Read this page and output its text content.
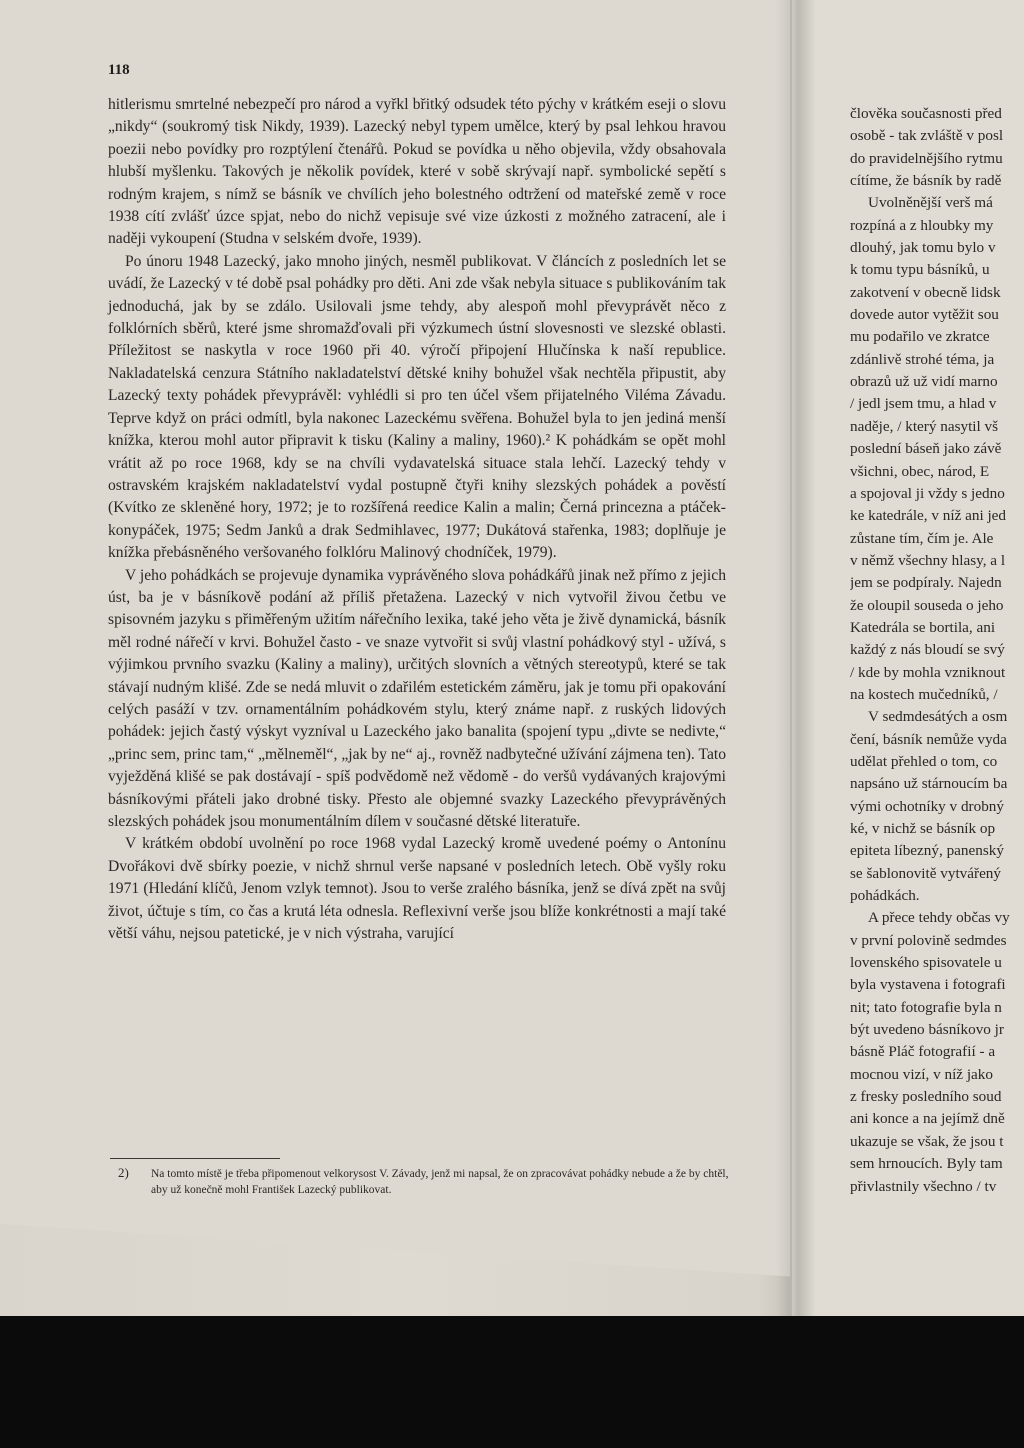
118

hitlerismu smrtelné nebezpečí pro národ a vyřkl břitký odsudek této pýchy v krátkém eseji o slovu „nikdy“ (soukromý tisk Nikdy, 1939). Lazecký nebyl typem umělce, který by psal lehkou hravou poezii nebo povídky pro rozptýlení čtenářů. Pokud se povídka u něho objevila, vždy obsahovala hlubší myšlenku. Takových je několik povídek, které v sobě skrývají např. symbolické sepětí s rodným krajem, s nímž se básník ve chvílích jeho bolestného odtržení od mateřské země v roce 1938 cítí zvlášť úzce spjat, nebo do nichž vepisuje své vize úzkosti z možného zatracení, ale i naději vykoupení (Studna v selském dvoře, 1939).

Po únoru 1948 Lazecký, jako mnoho jiných, nesměl publikovat. V článcích z posledních let se uvádí, že Lazecký v té době psal pohádky pro děti. Ani zde však nebyla situace s publikováním tak jednoduchá, jak by se zdálo. Usilovali jsme tehdy, aby alespoň mohl převyprávět něco z folklórních sběrů, které jsme shromažďovali při výzkumech ústní slovesnosti ve slezské oblasti. Příležitost se naskytla v roce 1960 při 40. výročí připojení Hlučínska k naší republice. Nakladatelská cenzura Státního nakladatelství dětské knihy bohužel však nechtěla připustit, aby Lazecký texty pohádek převyprávěl: vyhlédli si pro ten účel všem přijatelného Viléma Závadu. Teprve když on práci odmítl, byla nakonec Lazeckému svěřena. Bohužel byla to jen jediná menší knížka, kterou mohl autor připravit k tisku (Kaliny a maliny, 1960).² K pohádkám se opět mohl vrátit až po roce 1968, kdy se na chvíli vydavatelská situace stala lehčí. Lazecký tehdy v ostravském krajském nakladatelství vydal postupně čtyři knihy slezských pohádek a pověstí (Kvítko ze skleněné hory, 1972; je to rozšířená reedice Kalin a malin; Černá princezna a ptáček-konypáček, 1975; Sedm Janků a drak Sedmihlavec, 1977; Dukátová stařenka, 1983; doplňuje je knížka přebásněného veršovaného folklóru Malinový chodníček, 1979).

V jeho pohádkách se projevuje dynamika vyprávěného slova pohádkářů jinak než přímo z jejich úst, ba je v básníkově podání až příliš přetažena. Lazecký v nich vytvořil živou četbu ve spisovném jazyku s přiměřeným užitím nářečního lexika, také jeho věta je živě dynamická, básník měl rodné nářečí v krvi. Bohužel často - ve snaze vytvořit si svůj vlastní pohádkový styl - užívá, s výjimkou prvního svazku (Kaliny a maliny), určitých slovních a větných stereotypů, které se tak stávají nudným klišé. Zde se nedá mluvit o zdařilém estetickém záměru, jak je tomu při opakování celých pasáží v tzv. ornamentálním pohádkovém stylu, který známe např. z ruských lidových pohádek: jejich častý výskyt vyzníval u Lazeckého jako banalita (spojení typu „divte se nedivte,“ „princ sem, princ tam,“ „mělneměl“, „jak by ne“ aj., rovněž nadbytečné užívání zájmena ten). Tato vyježděná klišé se pak dostávají - spíš podvědomě než vědomě - do veršů vydávaných krajovými básníkovými přáteli jako drobné tisky. Přesto ale objemné svazky Lazeckého převyprávěných slezských pohádek jsou monumentálním dílem v současné dětské literatuře.

V krátkém období uvolnění po roce 1968 vydal Lazecký kromě uvedené poémy o Antonínu Dvořákovi dvě sbírky poezie, v nichž shrnul verše napsané v posledních letech. Obě vyšly roku 1971 (Hledání klíčů, Jenom vzlyk temnot). Jsou to verše zralého básníka, jenž se dívá zpět na svůj život, účtuje s tím, co čas a krutá léta odnesla. Reflexivní verše jsou blíže konkrétnosti a mají také větší váhu, nejsou patetické, je v nich výstraha, varující

2) Na tomto místě je třeba připomenout velkorysost V. Závady, jenž mi napsal, že on zpracovávat pohádky nebude a že by chtěl, aby už konečně mohl František Lazecký publikovat.
člověka současnosti před
osobě - tak zvláště v posl
do pravidelnějšího rytmu
cítíme, že básník by radě
Uvolněnější verš má
rozpíná a z hloubky my
dlouhý, jak tomu bylo v
k tomu typu básníků, u
zakotvení v obecně lidsk
dovede autor vytěžit sou
mu podařilo ve zkratce
zdánlivě strohé téma, ja
obrazů už už vidí marno
/ jedl jsem tmu, a hlad v
naděje, / který nasytil vš
poslední báseň jako závě
všichni, obec, národ, E
a spojoval ji vždy s jedno
ke katedrále, v níž ani jed
zůstane tím, čím je. Ale
v němž všechny hlasy, a l
jem se podpíraly. Najedn
že oloupil souseda o jeho
Katedrála se bortila, ani
každý z nás bloudí se svý
/ kde by mohla vzniknout
na kostech mučedníků, /
V sedmdesátých a osm
čení, básník nemůže vyda
udělat přehled o tom, co
napsáno už stárnoucím ba
vými ochotníky v drobný
ké, v nichž se básník op
epiteta líbezný, panenský
se šablonovitě vytvářený
pohádkách.
A přece tehdy občas vy
v první polovině sedmdes
lovenského spisovatele u
byla vystavena i fotografi
nit; tato fotografie byla n
být uvedeno básníkovo jr
básně Pláč fotografií - a
mocnou vizí, v níž jako
z fresky posledního soud
ani konce a na jejímž dně
ukazuje se však, že jsou t
sem hrnoucích. Byly tam
přivlastnily všechno / tv
